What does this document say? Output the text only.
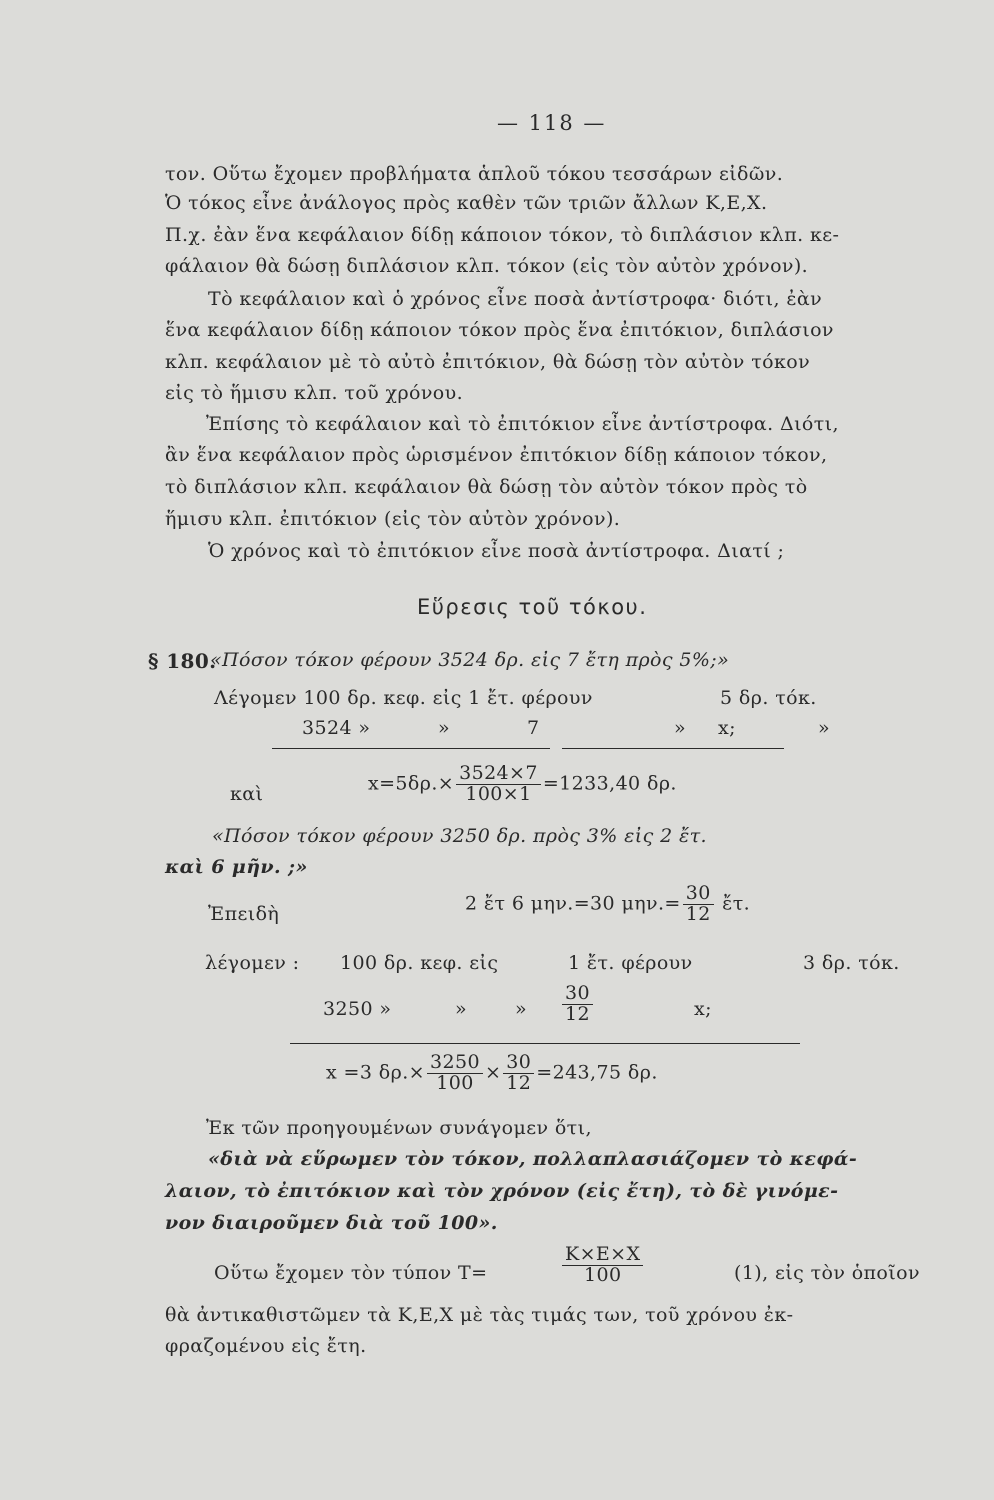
— 118 —
τον. Οὕτω ἔχομεν προβλήματα ἁπλοῦ τόκου τεσσάρων εἰδῶν.
Ὁ τόκος εἶνε ἀνάλογος πρὸς καθὲν τῶν τριῶν ἄλλων Κ,Ε,Χ.
Π.χ. ἐὰν ἕνα κεφάλαιον δίδῃ κάποιον τόκον, τὸ διπλάσιον κλπ. κε-
φάλαιον θὰ δώσῃ διπλάσιον κλπ. τόκον (εἰς τὸν αὐτὸν χρόνον).
Τὸ κεφάλαιον καὶ ὁ χρόνος εἶνε ποσὰ ἀντίστροφα· διότι, ἐὰν
ἕνα κεφάλαιον δίδῃ κάποιον τόκον πρὸς ἕνα ἐπιτόκιον, διπλάσιον
κλπ. κεφάλαιον μὲ τὸ αὐτὸ ἐπιτόκιον, θὰ δώσῃ τὸν αὐτὸν τόκον
εἰς τὸ ἥμισυ κλπ. τοῦ χρόνου.
Ἐπίσης τὸ κεφάλαιον καὶ τὸ ἐπιτόκιον εἶνε ἀντίστροφα. Διότι,
ἂν ἕνα κεφάλαιον πρὸς ὡρισμένον ἐπιτόκιον δίδῃ κάποιον τόκον,
τὸ διπλάσιον κλπ. κεφάλαιον θὰ δώσῃ τὸν αὐτὸν τόκον πρὸς τὸ
ἥμισυ κλπ. ἐπιτόκιον (εἰς τὸν αὐτὸν χρόνον).
Ὁ χρόνος καὶ τὸ ἐπιτόκιον εἶνε ποσὰ ἀντίστροφα. Διατί ;
Εὕρεσις τοῦ τόκου.
§ 180.
«Πόσον τόκον φέρουν 3524 δρ. εἰς 7 ἔτη πρὸς 5%;»
Λέγομεν 100 δρ. κεφ. εἰς 1 ἔτ. φέρουν	5 δρ. τόκ.
3524 »	»	7	» x;	»
καὶ	$x=5\delta\rho.\times \frac{3524\times 7}{100\times 1} =1233,40$ δρ.
«Πόσον τόκον φέρουν 3250 δρ. πρὸς 3% εἰς 2 ἔτ.
καὶ 6 μῆν. ;»
Ἐπειδὴ	2 ἔτ 6 μην.=30 $\mu\eta\nu.= \frac{30}{12}$ ἔτ.
λέγομεν : 100 δρ. κεφ. εἰς	1 ἔτ. φέρουν	3 δρ. τόκ.
3250 »	»	» $\frac{30}{12}$	x;
x =3 $\delta\rho.\times \frac{3250}{100} \times \frac{30}{12} =243,75$ δρ.
Ἐκ τῶν προηγουμένων συνάγομεν ὅτι,
«διὰ νὰ εὕρωμεν τὸν τόκον, πολλαπλασιάζομεν τὸ κεφά-
λαιον, τὸ ἐπιτόκιον καὶ τὸν χρόνον (εἰς ἔτη), τὸ δὲ γινόμε-
νον διαιροῦμεν διὰ τοῦ 100».
Οὕτω ἔχομεν τὸν τύπον Τ=	$\frac{K\times E\times X}{100}$	(1), εἰς τὸν ὁποῖον
θὰ ἀντικαθιστῶμεν τὰ Κ,Ε,Χ μὲ τὰς τιμάς των, τοῦ χρόνου ἐκ-
φραζομένου εἰς ἔτη.
